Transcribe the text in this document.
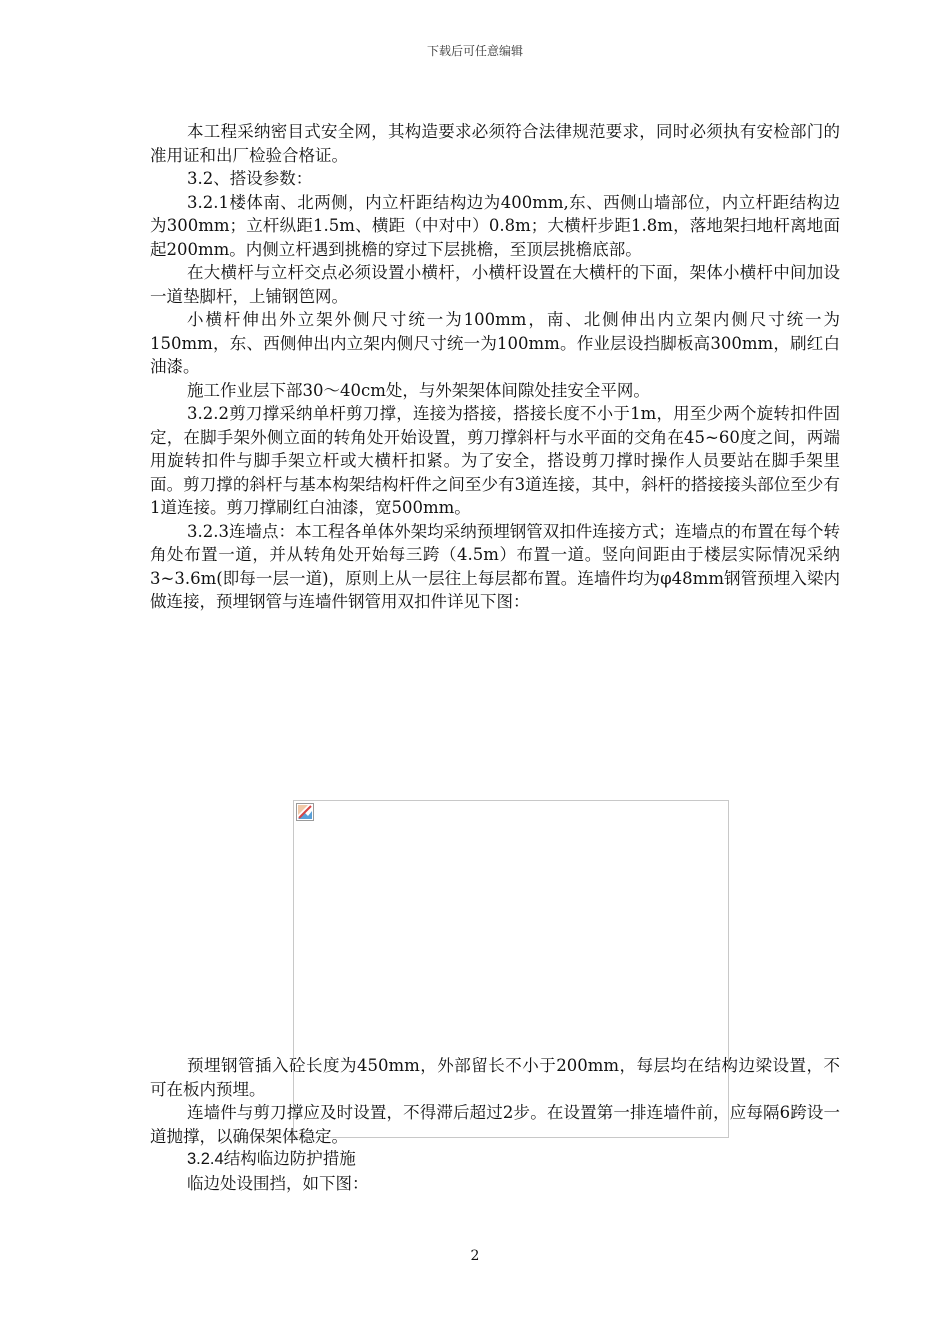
下载后可任意编辑

本工程采纳密目式安全网，其构造要求必须符合法律规范要求，同时必须执有安检部门的准用证和出厂检验合格证。

3.2、搭设参数：

3.2.1楼体南、北两侧，内立杆距结构边为400mm,东、西侧山墙部位，内立杆距结构边为300mm；立杆纵距1.5m、横距（中对中）0.8m；大横杆步距1.8m，落地架扫地杆离地面起200mm。内侧立杆遇到挑檐的穿过下层挑檐，至顶层挑檐底部。

在大横杆与立杆交点必须设置小横杆，小横杆设置在大横杆的下面，架体小横杆中间加设一道垫脚杆，上铺钢笆网。

小横杆伸出外立架外侧尺寸统一为100mm，南、北侧伸出内立架内侧尺寸统一为150mm，东、西侧伸出内立架内侧尺寸统一为100mm。作业层设挡脚板高300mm，刷红白油漆。

施工作业层下部30～40cm处，与外架架体间隙处挂安全平网。

3.2.2剪刀撑采纳单杆剪刀撑，连接为搭接，搭接长度不小于1m，用至少两个旋转扣件固定，在脚手架外侧立面的转角处开始设置，剪刀撑斜杆与水平面的交角在45~60度之间，两端用旋转扣件与脚手架立杆或大横杆扣紧。为了安全，搭设剪刀撑时操作人员要站在脚手架里面。剪刀撑的斜杆与基本构架结构杆件之间至少有3道连接，其中，斜杆的搭接接头部位至少有1道连接。剪刀撑刷红白油漆，宽500mm。

3.2.3连墙点：本工程各单体外架均采纳预埋钢管双扣件连接方式；连墙点的布置在每个转角处布置一道，并从转角处开始每三跨（4.5m）布置一道。竖向间距由于楼层实际情况采纳3~3.6m(即每一层一道)，原则上从一层往上每层都布置。连墙件均为φ48mm钢管预埋入梁内做连接，预埋钢管与连墙件钢管用双扣件详见下图：

预埋钢管插入砼长度为450mm，外部留长不小于200mm，每层均在结构边梁设置，不可在板内预埋。

连墙件与剪刀撑应及时设置，不得滞后超过2步。在设置第一排连墙件前，应每隔6跨设一道抛撑，以确保架体稳定。

3.2.4结构临边防护措施

临边处设围挡，如下图：

2
